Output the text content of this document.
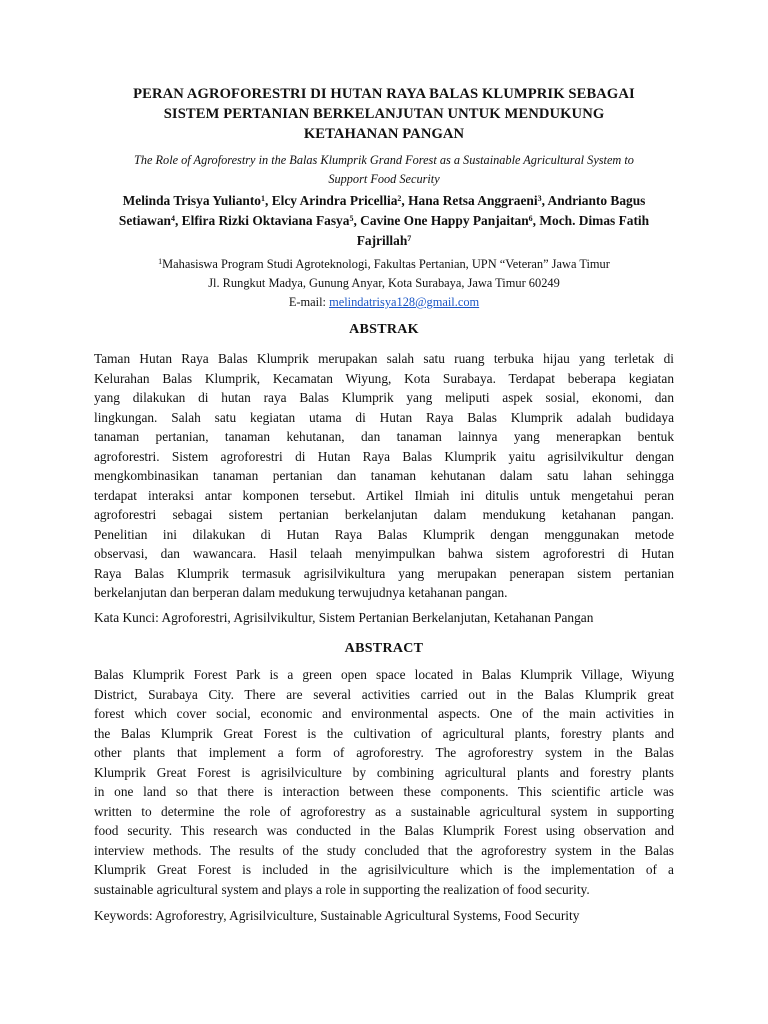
PERAN AGROFORESTRI DI HUTAN RAYA BALAS KLUMPRIK SEBAGAI
SISTEM PERTANIAN BERKELANJUTAN UNTUK MENDUKUNG
KETAHANAN PANGAN
The Role of Agroforestry in the Balas Klumprik Grand Forest as a Sustainable Agricultural System to
Support Food Security
Melinda Trisya Yulianto$^1$, Elcy Arindra Pricellia$^2$, Hana Retsa Anggraeni$^3$, Andrianto Bagus
Setiawan$^4$, Elfira Rizki Oktaviana Fasya$^5$, Cavine One Happy Panjaitan$^6$, Moch. Dimas Fatih
Fajrillah$^7$
$^1$Mahasiswa Program Studi Agroteknologi, Fakultas Pertanian, UPN “Veteran” Jawa Timur
Jl. Rungkut Madya, Gunung Anyar, Kota Surabaya, Jawa Timur 60249
E-mail: melindatrisya128@gmail.com
ABSTRAK
Taman Hutan Raya Balas Klumprik merupakan salah satu ruang terbuka hijau yang terletak di
Kelurahan Balas Klumprik, Kecamatan Wiyung, Kota Surabaya. Terdapat beberapa kegiatan
yang dilakukan di hutan raya Balas Klumprik yang meliputi aspek sosial, ekonomi, dan
lingkungan. Salah satu kegiatan utama di Hutan Raya Balas Klumprik adalah budidaya
tanaman pertanian, tanaman kehutanan, dan tanaman lainnya yang menerapkan bentuk
agroforestri. Sistem agroforestri di Hutan Raya Balas Klumprik yaitu agrisilvikultur dengan
mengkombinasikan tanaman pertanian dan tanaman kehutanan dalam satu lahan sehingga
terdapat interaksi antar komponen tersebut. Artikel Ilmiah ini ditulis untuk mengetahui peran
agroforestri sebagai sistem pertanian berkelanjutan dalam mendukung ketahanan pangan.
Penelitian ini dilakukan di Hutan Raya Balas Klumprik dengan menggunakan metode
observasi, dan wawancara. Hasil telaah menyimpulkan bahwa sistem agroforestri di Hutan
Raya Balas Klumprik termasuk agrisilvikultura yang merupakan penerapan sistem pertanian
berkelanjutan dan berperan dalam medukung terwujudnya ketahanan pangan.
Kata Kunci: Agroforestri, Agrisilvikultur, Sistem Pertanian Berkelanjutan, Ketahanan Pangan
ABSTRACT
Balas Klumprik Forest Park is a green open space located in Balas Klumprik Village, Wiyung
District, Surabaya City. There are several activities carried out in the Balas Klumprik great
forest which cover social, economic and environmental aspects. One of the main activities in
the Balas Klumprik Great Forest is the cultivation of agricultural plants, forestry plants and
other plants that implement a form of agroforestry. The agroforestry system in the Balas
Klumprik Great Forest is agrisilviculture by combining agricultural plants and forestry plants
in one land so that there is interaction between these components. This scientific article was
written to determine the role of agroforestry as a sustainable agricultural system in supporting
food security. This research was conducted in the Balas Klumprik Forest using observation and
interview methods. The results of the study concluded that the agroforestry system in the Balas
Klumprik Great Forest is included in the agrisilviculture which is the implementation of a
sustainable agricultural system and plays a role in supporting the realization of food security.
Keywords: Agroforestry, Agrisilviculture, Sustainable Agricultural Systems, Food Security
